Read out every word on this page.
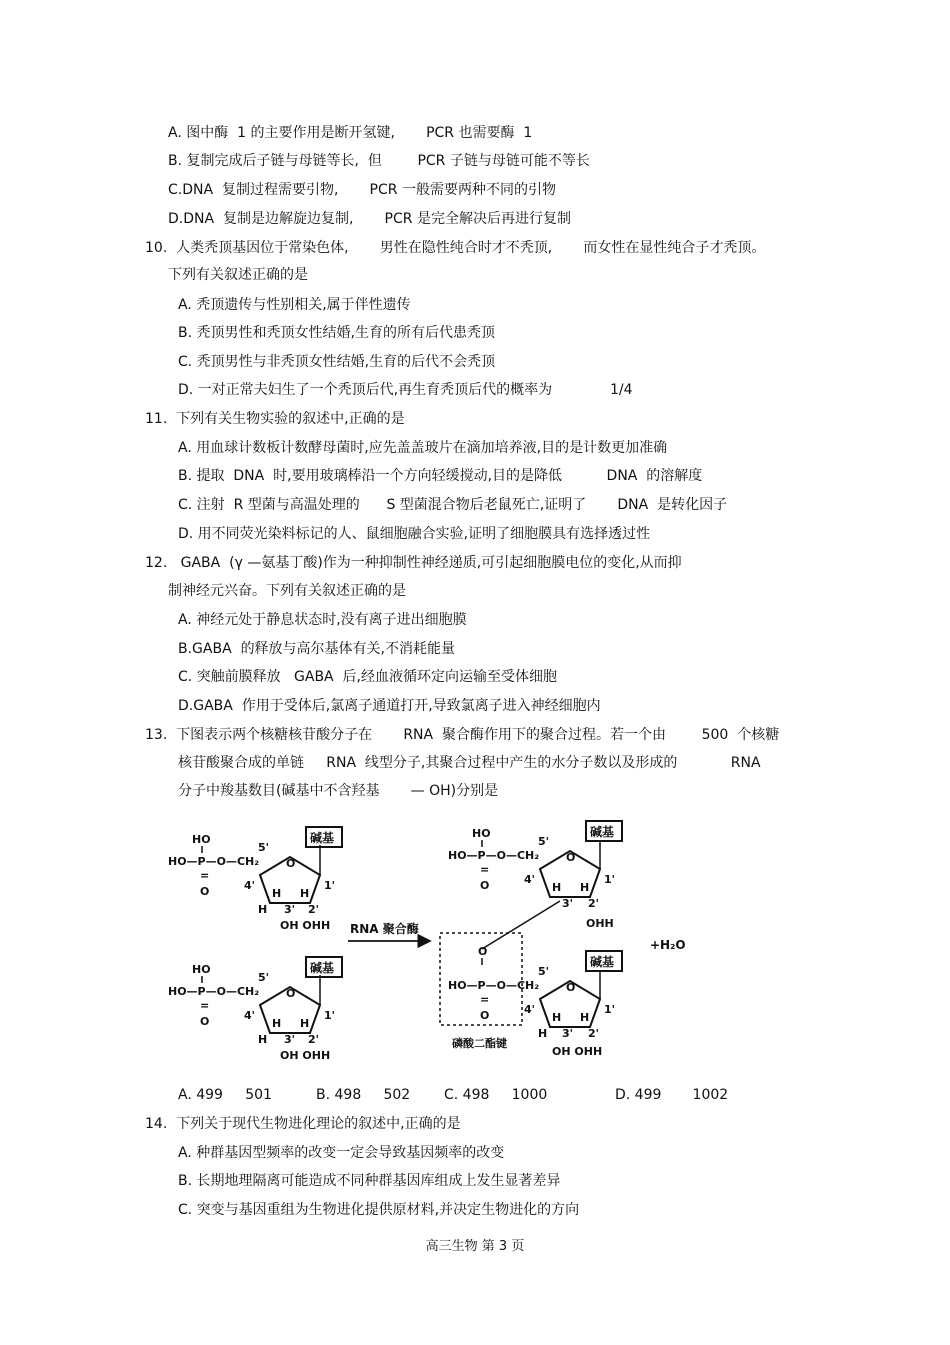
A. 图中酶  1 的主要作用是断开氢键,       PCR 也需要酶  1
B. 复制完成后子链与母链等长,  但        PCR 子链与母链可能不等长
C.DNA  复制过程需要引物,       PCR 一般需要两种不同的引物
D.DNA  复制是边解旋边复制,       PCR 是完全解决后再进行复制
10.  人类秃顶基因位于常染色体,       男性在隐性纯合时才不秃顶,       而女性在显性纯合子才秃顶。
下列有关叙述正确的是
A. 秃顶遗传与性别相关,属于伴性遗传
B. 秃顶男性和秃顶女性结婚,生育的所有后代患秃顶
C. 秃顶男性与非秃顶女性结婚,生育的后代不会秃顶
D. 一对正常夫妇生了一个秃顶后代,再生育秃顶后代的概率为             1/4
11.  下列有关生物实验的叙述中,正确的是
A. 用血球计数板计数酵母菌时,应先盖盖玻片在滴加培养液,目的是计数更加准确
B. 提取  DNA  时,要用玻璃棒沿一个方向轻缓搅动,目的是降低          DNA  的溶解度
C. 注射  R 型菌与高温处理的      S 型菌混合物后老鼠死亡,证明了       DNA  是转化因子
D. 用不同荧光染料标记的人、鼠细胞融合实验,证明了细胞膜具有选择透过性
12.   GABA  (γ —氨基丁酸)作为一种抑制性神经递质,可引起细胞膜电位的变化,从而抑
制神经元兴奋。下列有关叙述正确的是
A. 神经元处于静息状态时,没有离子进出细胞膜
B.GABA  的释放与高尔基体有关,不消耗能量
C. 突触前膜释放   GABA  后,经血液循环定向运输至受体细胞
D.GABA  作用于受体后,氯离子通道打开,导致氯离子进入神经细胞内
13.  下图表示两个核糖核苷酸分子在       RNA  聚合酶作用下的聚合过程。若一个由        500  个核糖
核苷酸聚合成的单链     RNA  线型分子,其聚合过程中产生的水分子数以及形成的            RNA
分子中羧基数目(碱基中不含羟基       — OH)分别是
HO
HO—P—O—CH₂
=
O
5'
O
4'	1'
H H
3' 2'
H
OH OHH
碱基
HO
HO—P—O—CH₂
=
O
5'
O
4'	1'
H H
3' 2'
H
OH OHH
碱基
RNA 聚合酶
HO
HO—P—O—CH₂
=
O
5'
O
4'	1'
H H
3' 2'
OHH
碱基
O
HO—P—O—CH₂
=
O
5'
O
4'	1'
H H
3' 2'
H
OH OHH
碱基
磷酸二酯键
+H₂O
A. 499     501	B. 498     502 C. 498     1000	D. 499       1002
14.  下列关于现代生物进化理论的叙述中,正确的是
A. 种群基因型频率的改变一定会导致基因频率的改变
B. 长期地理隔离可能造成不同种群基因库组成上发生显著差异
C. 突变与基因重组为生物进化提供原材料,并决定生物进化的方向
高三生物 第 3 页
